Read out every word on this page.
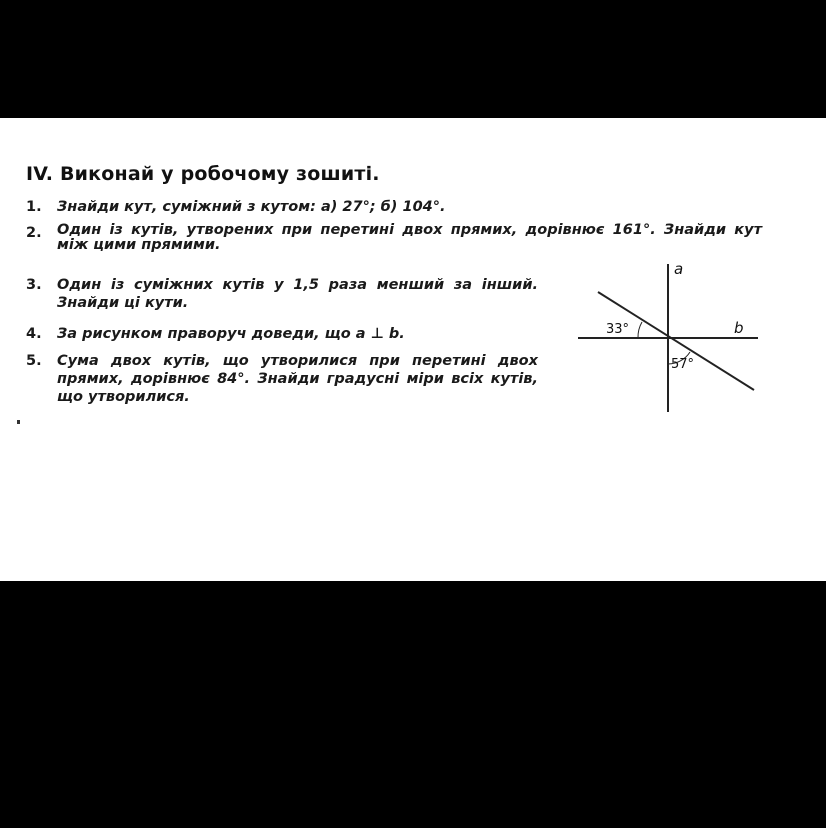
IV. Виконай у робочому зошиті.
1. Знайди кут, суміжний з кутом: а) 27°; б) 104°.
2. Один із кутів, утворених при перетині двох прямих, дорівнює 161°. Знайди кут
між цими прямими.
3. Один із суміжних кутів у 1,5 раза менший за інший.
Знайди ці кути.
4. За рисунком праворуч доведи, що a ⊥ b.
5. Сума двох кутів, що утворилися при перетині двох
прямих, дорівнює 84°. Знайди градусні міри всіх кутів,
що утворилися.
a
b
33°
57°
